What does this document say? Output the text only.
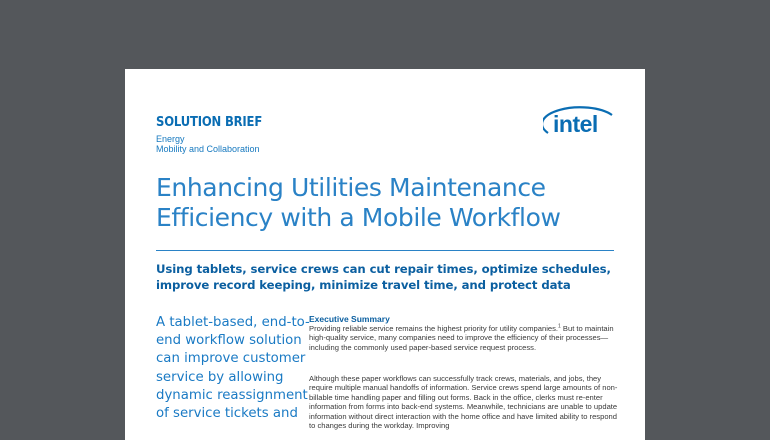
SOLUTION BRIEF
Energy
Mobility and Collaboration
intel
Enhancing Utilities Maintenance
Efficiency with a Mobile Workflow

Using tablets, service crews can cut repair times, optimize schedules, improve record keeping, minimize travel time, and protect data

A tablet-based, end-to-end workflow solution can improve customer service by allowing dynamic reassignment of service tickets and

Executive Summary

Providing reliable service remains the highest priority for utility companies.$^1$ But to maintain high-quality service, many companies need to improve the efficiency of their processes—including the commonly used paper-based service request process.

Although these paper workflows can successfully track crews, materials, and jobs, they require multiple manual handoffs of information. Service crews spend large amounts of non-billable time handling paper and filling out forms. Back in the office, clerks must re-enter information from forms into back-end systems. Meanwhile, technicians are unable to update information without direct interaction with the home office and have limited ability to respond to changes during the workday. Improving
